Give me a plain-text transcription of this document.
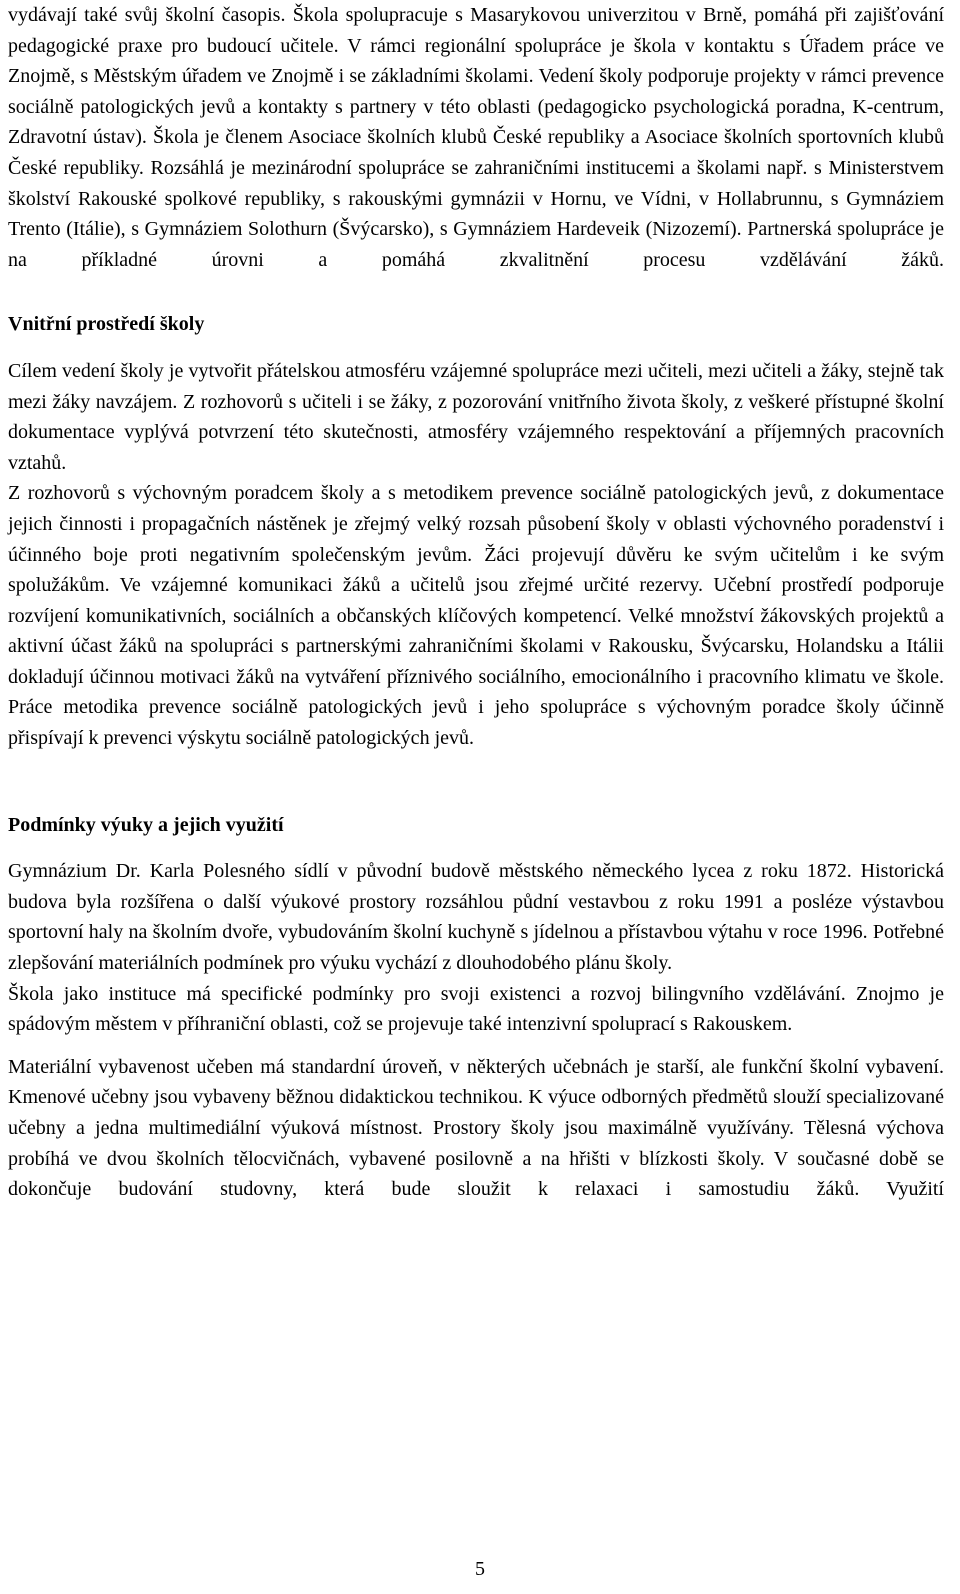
vydávají také svůj školní časopis. Škola spolupracuje s Masarykovou univerzitou v Brně, pomáhá při zajišťování pedagogické praxe pro budoucí učitele. V rámci regionální spolupráce je škola v kontaktu s Úřadem práce ve Znojmě, s Městským úřadem ve Znojmě i se základními školami. Vedení školy podporuje projekty v rámci prevence sociálně patologických jevů a kontakty s partnery v této oblasti (pedagogicko psychologická poradna, K-centrum, Zdravotní ústav). Škola je členem Asociace školních klubů České republiky a Asociace školních sportovních klubů České republiky. Rozsáhlá je mezinárodní spolupráce se zahraničními institucemi a školami např. s Ministerstvem školství Rakouské spolkové republiky, s rakouskými gymnázii v Hornu, ve Vídni, v Hollabrunnu, s Gymnáziem Trento (Itálie), s Gymnáziem Solothurn (Švýcarsko), s Gymnáziem Hardeveik (Nizozemí). Partnerská spolupráce je na příkladné úrovni a pomáhá zkvalitnění procesu vzdělávání žáků.

Vnitřní prostředí školy

Cílem vedení školy je vytvořit přátelskou atmosféru vzájemné spolupráce mezi učiteli, mezi učiteli a žáky, stejně tak mezi žáky navzájem. Z rozhovorů s učiteli i se žáky, z pozorování vnitřního života školy, z veškeré přístupné školní dokumentace vyplývá potvrzení této skutečnosti, atmosféry vzájemného respektování a příjemných pracovních vztahů.

Z rozhovorů s výchovným poradcem školy a s metodikem prevence sociálně patologických jevů, z dokumentace jejich činnosti i propagačních nástěnek je zřejmý velký rozsah působení školy v oblasti výchovného poradenství i účinného boje proti negativním společenským jevům. Žáci projevují důvěru ke svým učitelům i ke svým spolužákům. Ve vzájemné komunikaci žáků a učitelů jsou zřejmé určité rezervy. Učební prostředí podporuje rozvíjení komunikativních, sociálních a občanských klíčových kompetencí. Velké množství žákovských projektů a aktivní účast žáků na spolupráci s partnerskými zahraničními školami v Rakousku, Švýcarsku, Holandsku a Itálii dokladují účinnou motivaci žáků na vytváření příznivého sociálního, emocionálního i pracovního klimatu ve škole. Práce metodika prevence sociálně patologických jevů i jeho spolupráce s výchovným poradce školy účinně přispívají k prevenci výskytu sociálně patologických jevů.

Podmínky výuky a jejich využití

Gymnázium Dr. Karla Polesného sídlí v původní budově městského německého lycea z roku 1872. Historická budova byla rozšířena o další výukové prostory rozsáhlou půdní vestavbou z roku 1991 a posléze výstavbou sportovní haly na školním dvoře, vybudováním školní kuchyně s jídelnou a přístavbou výtahu v roce 1996. Potřebné zlepšování materiálních podmínek pro výuku vychází z dlouhodobého plánu školy.

Škola jako instituce má specifické podmínky pro svoji existenci a rozvoj bilingvního vzdělávání. Znojmo je spádovým městem v příhraniční oblasti, což se projevuje také intenzivní spoluprací s Rakouskem.

Materiální vybavenost učeben má standardní úroveň, v některých učebnách je starší, ale funkční školní vybavení. Kmenové učebny jsou vybaveny běžnou didaktickou technikou. K výuce odborných předmětů slouží specializované učebny a jedna multimediální výuková místnost. Prostory školy jsou maximálně využívány. Tělesná výchova probíhá ve dvou školních tělocvičnách, vybavené posilovně a na hřišti v blízkosti školy. V současné době se dokončuje budování studovny, která bude sloužit k relaxaci i samostudiu žáků. Využití

5
